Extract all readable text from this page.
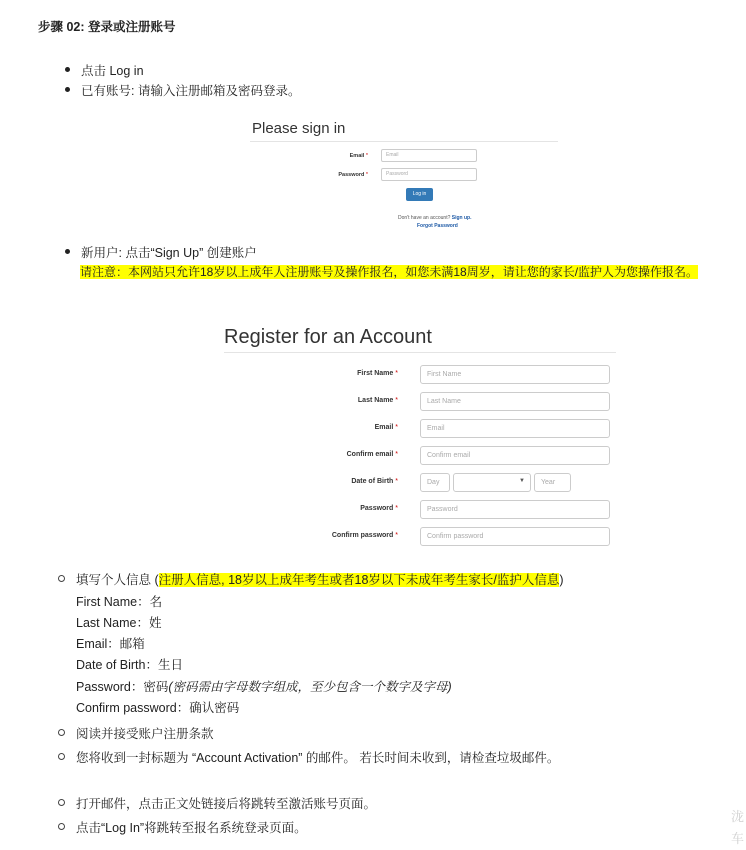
步骤 02: 登录或注册账号
点击 Log in
已有账号: 请输入注册邮箱及密码登录。
Please sign in
Email *	Email
Password *	Password
Log in
Don't have an account? Sign up.
Forgot Password
新用户: 点击“Sign Up” 创建账户
请注意：本网站只允许18岁以上成年人注册账号及操作报名，如您未满18周岁，请让您的家长/监护人为您操作报名。
Register for an Account
First Name *	First Name
Last Name *	Last Name
Email *	Email
Confirm email *	Confirm email
Date of Birth *	Day	▼	Year
Password *	Password
Confirm password *	Confirm password
填写个人信息 (注册人信息, 18岁以上成年考生或者18岁以下未成年考生家长/监护人信息)
First Name：名
Last Name：姓
Email：邮箱
Date of Birth：生日
Password：密码(密码需由字母数字组成，至少包含一个数字及字母)
Confirm password：确认密码
阅读并接受账户注册条款
您将收到一封标题为 “Account Activation” 的邮件。 若长时间未收到，请检查垃圾邮件。
打开邮件，点击正文处链接后将跳转至激活账号页面。
点击“Log In”将跳转至报名系统登录页面。
泷
车
